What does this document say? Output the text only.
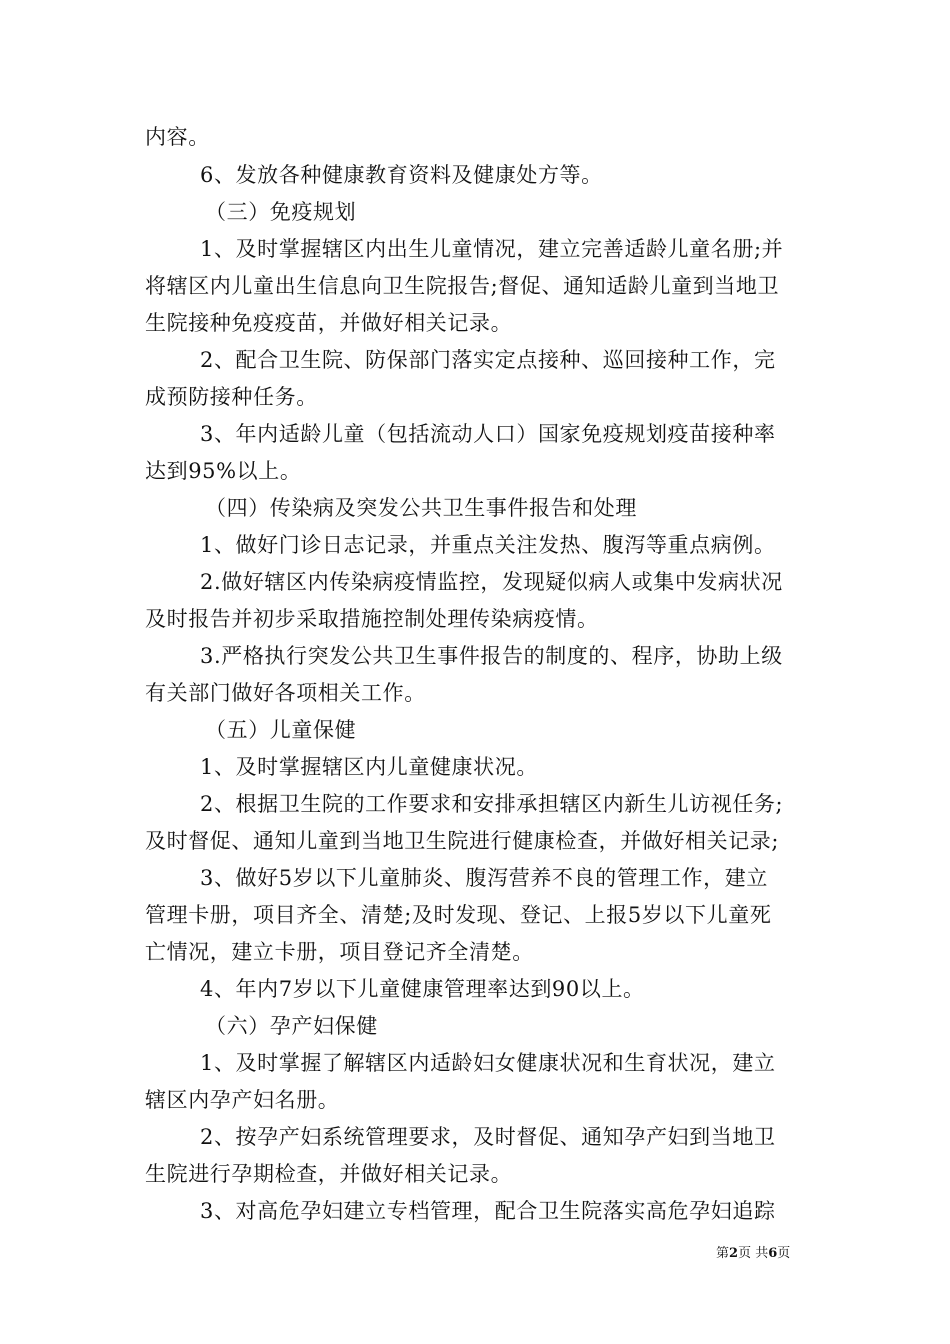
内容。
6、发放各种健康教育资料及健康处方等。
（三）免疫规划
1、及时掌握辖区内出生儿童情况，建立完善适龄儿童名册;并
将辖区内儿童出生信息向卫生院报告;督促、通知适龄儿童到当地卫
生院接种免疫疫苗，并做好相关记录。
2、配合卫生院、防保部门落实定点接种、巡回接种工作，完
成预防接种任务。
3、年内适龄儿童（包括流动人口）国家免疫规划疫苗接种率
达到95%以上。
（四）传染病及突发公共卫生事件报告和处理
1、做好门诊日志记录，并重点关注发热、腹泻等重点病例。
2.做好辖区内传染病疫情监控，发现疑似病人或集中发病状况
及时报告并初步采取措施控制处理传染病疫情。
3.严格执行突发公共卫生事件报告的制度的、程序，协助上级
有关部门做好各项相关工作。
（五）儿童保健
1、及时掌握辖区内儿童健康状况。
2、根据卫生院的工作要求和安排承担辖区内新生儿访视任务;
及时督促、通知儿童到当地卫生院进行健康检查，并做好相关记录;
3、做好5岁以下儿童肺炎、腹泻营养不良的管理工作，建立
管理卡册，项目齐全、清楚;及时发现、登记、上报5岁以下儿童死
亡情况，建立卡册，项目登记齐全清楚。
4、年内7岁以下儿童健康管理率达到90以上。
（六）孕产妇保健
1、及时掌握了解辖区内适龄妇女健康状况和生育状况，建立
辖区内孕产妇名册。
2、按孕产妇系统管理要求，及时督促、通知孕产妇到当地卫
生院进行孕期检查，并做好相关记录。
3、对高危孕妇建立专档管理，配合卫生院落实高危孕妇追踪
第2页 共6页
